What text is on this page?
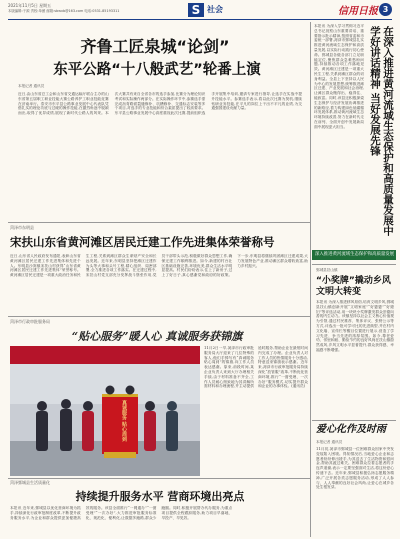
2021年11月5日 星期五
本版编辑:于源 责校:单薇 邮箱:sbwxb@163.com 电话:0531-85193311	S 社会	信用日报 3
齐鲁工匠泉城“论剑”
东平公路“十八般武艺”轮番上演
本报记者 通讯员
近日,由山东省总工会和山东省交通运输厅联合主办的山东省第五届职工职业技能大赛公路养护工职业技能竞赛在济南举行。泰安市东平县公路事业发展中心代表队凭借扎实的理论功底与过硬的操作技能,在激烈角逐中脱颖而出,取得了优异成绩,展现了新时代公路人的风采。本次大赛共有来自全省各市的选手参加,比赛分为理论知识考试和实际操作两部分。在实际操作环节中,参赛选手需完成沥青路面裂缝修补、坑槽修补、交通标志安装等多个项目,对选手的专业技能和综合素质提出了较高要求。东平县公路事业发展中心高度重视此次比赛,提前组织选手开展集中培训,邀请专家进行指导,让选手在实战中提升技能水平。参赛选手表示,将以此次比赛为契机,继续钻研业务技能,在平凡的岗位上干出不平凡的业绩,为交通强国建设贡献力量。
本报讯 为深入学习贯彻习近平总书记视察山东重要讲话、重要指示批示精神,按照省委和市委统一部署,菏泽市鄄城县扎实推进黄河流域生态保护和高质量发展,以实际行动践行初心使命。鄄城县各级各部门立足职能定位,聚焦群众急难愁盼问题,持续推动各项工作落地见效。黄河滩区迁建是一项重大民生工程,关系到滩区群众的切身利益。全县上下坚持以人民为中心的发展思想,统筹推进滩区迁建、产业发展和社会治理,让滩区群众搬得出、稳得住、能致富。同时,该县还积极探索生态保护与经济发展协调推进的新路径,着力构建绿色低碳循环发展体系,推动黄河流域生态环境持续改善,努力在新时代走在前列、全面开创中发展新局面中展现更大担当。	在深入推进黄河流域生态保护和高质量发展中学好讲话精神 当好发展先锋
深入推进黄河流域生态保护和高质量发展
鄄城县扶山镇
“小奖牌”撬动乡风文明大转变
本报讯 为深入推进移风易俗,培育文明乡风,鄄城县扶山镇创新开展“文明家庭”“好婆婆”“好媳妇”等评选活动,用一块块小奖牌激发群众崇德向善的内生动力。该镇坚持以社会主义核心价值观为引领,通过村民推荐、集体评议、张榜公示等方式,评选出一批可学可比的先进典型,并在村内文化墙、宣传栏等醒目位置进行展示,营造了学习先进、争当先进的浓厚氛围。如今,尊老爱幼、邻里和睦、勤俭节约的良好风尚在扶山镇蔚然成风,乡风文明水平显著提升,群众获得感、幸福感不断增强。
爱心化作及时雨
本报记者 通讯员
11月初,菏泽市鄄城县一位困难群众因家中突发变故陷入困境。得知情况后,当地爱心企业和志愿者纷纷伸出援手,为其送去了生活物资和慰问金,帮助其渡过难关。困难群众拉着志愿者的手连声道谢,表示一定要坚强面对生活,将这份爱心传递下去。近年来,鄄城县积极弘扬志愿服务精神,广泛开展各类志愿服务活动,形成了人人参与、人人奉献的良好社会风尚,让爱心在城乡各处生根发芽。
菏泽市东明县
宋扶山东省黄河滩区居民迁建工作先进集体荣誉称号
近日,山东省人民政府发布通报,表彰山东省黄河滩区居民迁建工作先进集体和先进个人。东明县沙窝镇宋扶山村获得“山东省黄河滩区居民迁建工作先进集体”荣誉称号。黄河滩区居民迁建是一项重大政治任务和民生工程,关系到滩区群众生命财产安全和长远发展。近年来,东明县坚持把滩区迁建作为头等大事和头号工程,精心组织、周密部署,全力推进各项工作落实。在迁建过程中,宋扶山村党支部充分发挥战斗堡垒作用,党员干部带头示范,积极做好群众思想工作,确保迁建工作顺利推进。如今,新建的村台社区基础设施完善,环境优美,群众生活水平明显提高。村民们纷纷表示,住上了新房子,过上了好日子,真心感谢党和政府的好政策。下一步,东明县将继续巩固滩区迁建成果,大力发展特色产业,推动滩区群众增收致富,助力乡村振兴。
菏泽市行政审批服务局
“贴心服务”暖人心 真诚服务获锦旗
真诚服务 贴心周到
11月2日一早,菏泽市行政审批服务局大厅迎来了几位特殊的客人,他们手捧写有“真诚服务 贴心周到”的锦旗,向工作人员表达感谢。原来,前段时间,某企业负责人来到大厅办理相关手续,由于材料准备不齐全,工作人员耐心细致地为其讲解所需材料和办理流程,并主动提供延时服务,帮助企业在最短时间内完成了办理。企业负责人对工作人员的热情服务十分感动,特意送来锦旗表示感谢。近年来,菏泽市行政审批服务局持续深化“放管服”改革,不断优化营商环境,推行“一窗受理、一次办好”服务模式,切实提升群众和企业的办事体验。(通讯员)
菏泽鄄城县生活质量化
持续提升服务水平 营商环境出亮点
本报讯 近年来,鄄城县以优化营商环境为抓手,持续深化行政审批制度改革,不断提升政务服务水平,为企业和群众提供更加便捷高效的服务。该县全面推行“一网通办”“一窗受理”“一次办好”,大力推进审批服务标准化、规范化、便利化,让数据多跑路,群众少跑腿。同时,积极开展帮办代办服务,为重点项目提供全程跟踪服务,助力项目早落地、早投产、早见效。
